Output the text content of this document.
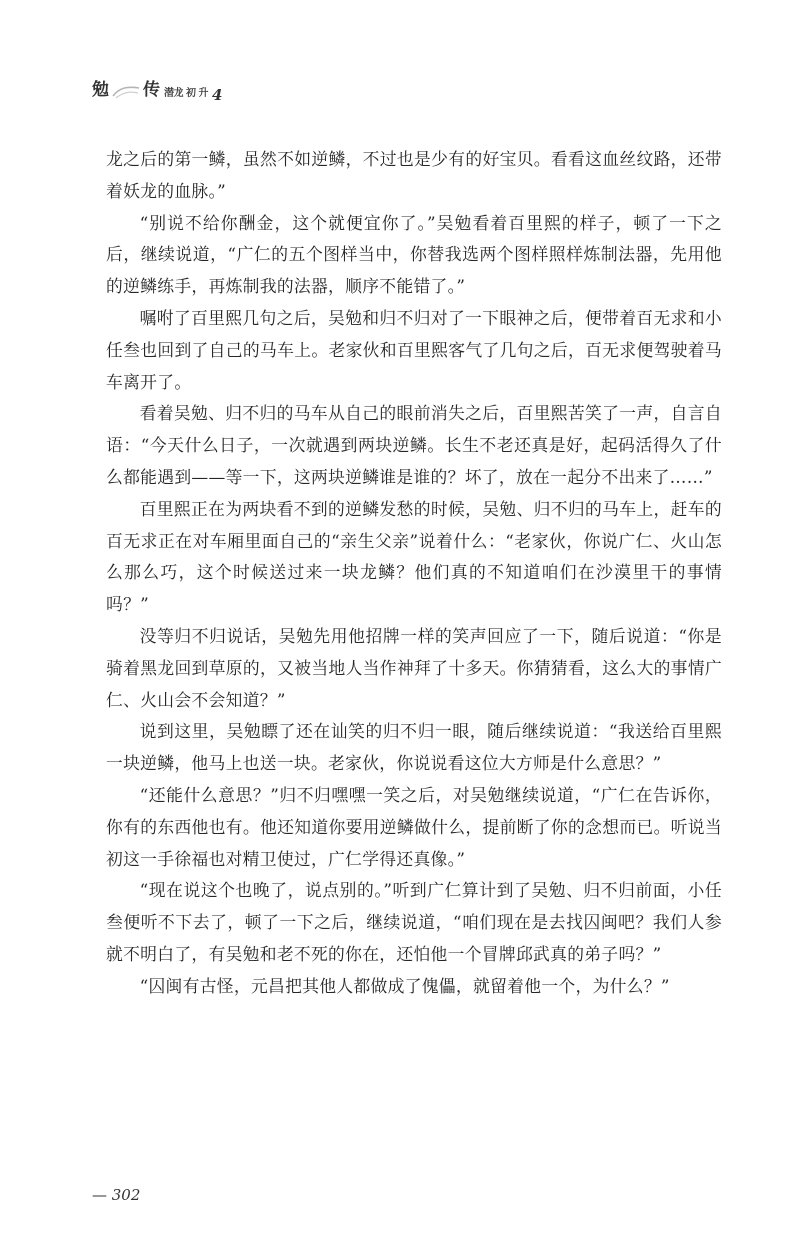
勉 传 潜龙 初 升 4

龙之后的第一鳞，虽然不如逆鳞，不过也是少有的好宝贝。看看这血丝纹路，还带着妖龙的血脉。”

“别说不给你酬金，这个就便宜你了。”吴勉看着百里熙的样子，顿了一下之后，继续说道，“广仁的五个图样当中，你替我选两个图样照样炼制法器，先用他的逆鳞练手，再炼制我的法器，顺序不能错了。”

嘱咐了百里熙几句之后，吴勉和归不归对了一下眼神之后，便带着百无求和小任叁也回到了自己的马车上。老家伙和百里熙客气了几句之后，百无求便驾驶着马车离开了。

看着吴勉、归不归的马车从自己的眼前消失之后，百里熙苦笑了一声，自言自语：“今天什么日子，一次就遇到两块逆鳞。长生不老还真是好，起码活得久了什么都能遇到——等一下，这两块逆鳞谁是谁的？坏了，放在一起分不出来了……”

百里熙正在为两块看不到的逆鳞发愁的时候，吴勉、归不归的马车上，赶车的百无求正在对车厢里面自己的“亲生父亲”说着什么：“老家伙，你说广仁、火山怎么那么巧，这个时候送过来一块龙鳞？他们真的不知道咱们在沙漠里干的事情吗？”

没等归不归说话，吴勉先用他招牌一样的笑声回应了一下，随后说道：“你是骑着黑龙回到草原的，又被当地人当作神拜了十多天。你猜猜看，这么大的事情广仁、火山会不会知道？”

说到这里，吴勉瞟了还在讪笑的归不归一眼，随后继续说道：“我送给百里熙一块逆鳞，他马上也送一块。老家伙，你说说看这位大方师是什么意思？”

“还能什么意思？”归不归嘿嘿一笑之后，对吴勉继续说道，“广仁在告诉你，你有的东西他也有。他还知道你要用逆鳞做什么，提前断了你的念想而已。听说当初这一手徐福也对精卫使过，广仁学得还真像。”

“现在说这个也晚了，说点别的。”听到广仁算计到了吴勉、归不归前面，小任叁便听不下去了，顿了一下之后，继续说道，“咱们现在是去找囚闽吧？我们人参就不明白了，有吴勉和老不死的你在，还怕他一个冒牌邱武真的弟子吗？”

“囚闽有古怪，元昌把其他人都做成了傀儡，就留着他一个，为什么？”

— 302
